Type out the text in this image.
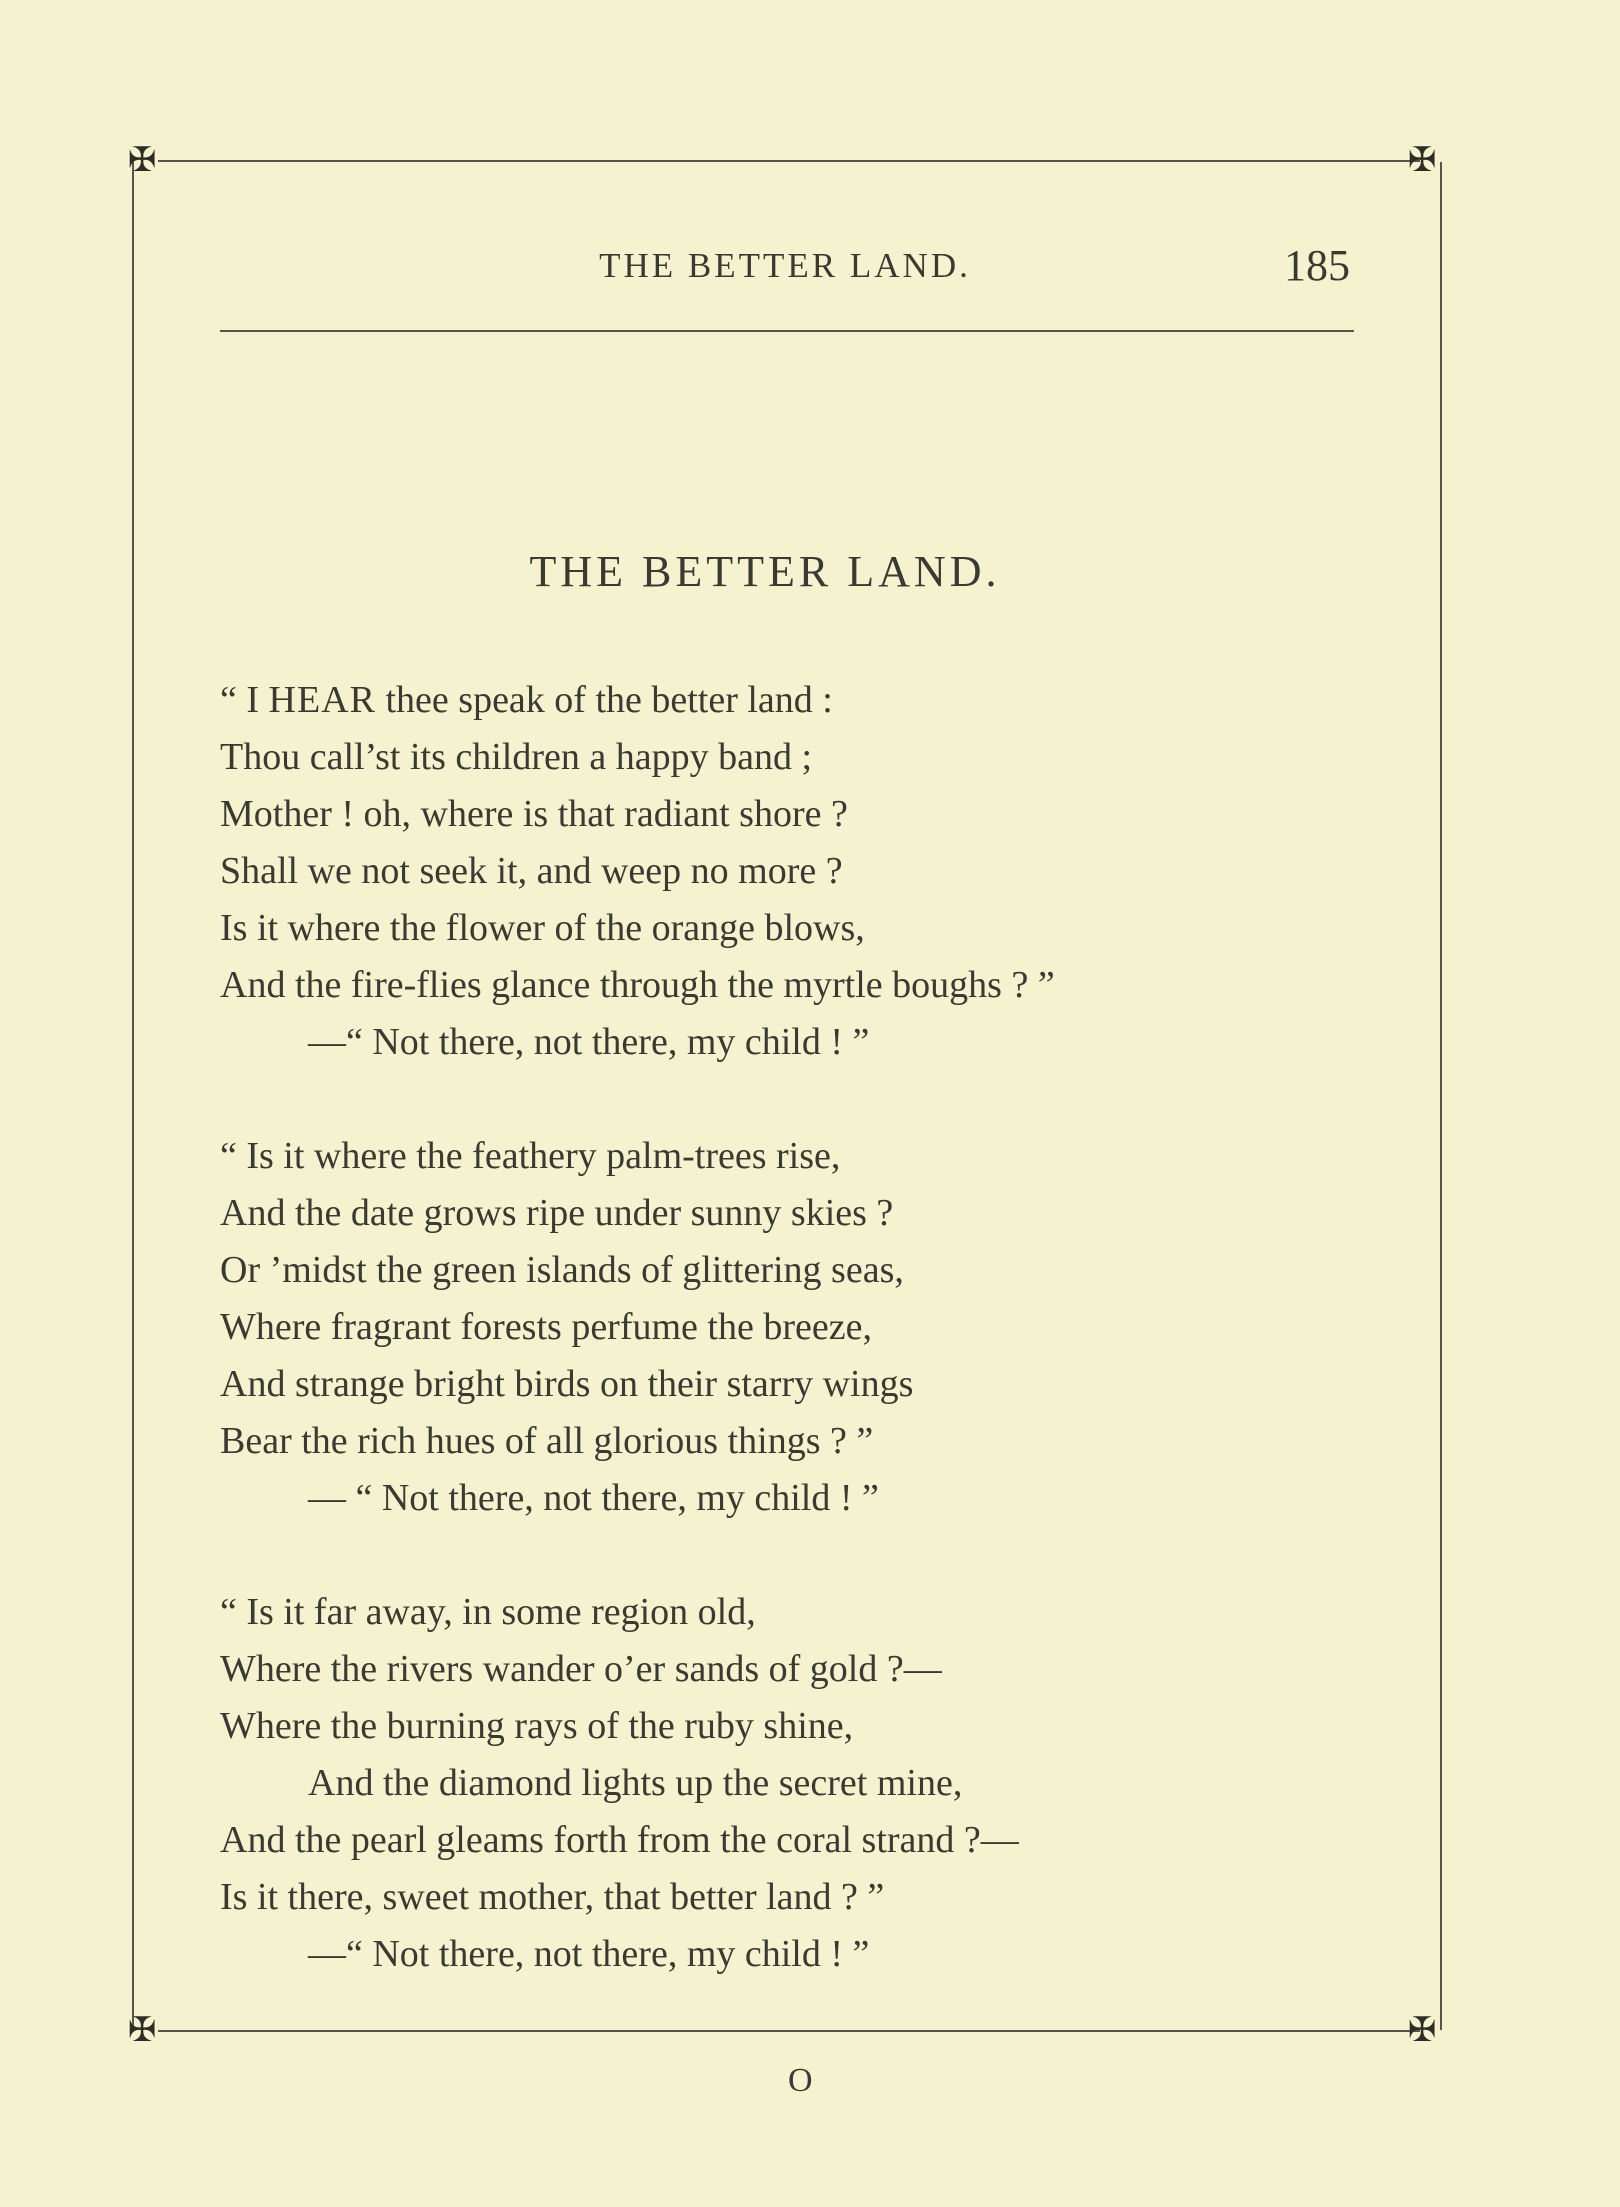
✠	✠
✠	✠
THE BETTER LAND.	185
THE BETTER LAND.
“ I HEAR thee speak of the better land :
Thou call’st its children a happy band ;
Mother ! oh, where is that radiant shore ?
Shall we not seek it, and weep no more ?
Is it where the flower of the orange blows,
And the fire-flies glance through the myrtle boughs ? ”
—“ Not there, not there, my child ! ”
“ Is it where the feathery palm-trees rise,
And the date grows ripe under sunny skies ?
Or ’midst the green islands of glittering seas,
Where fragrant forests perfume the breeze,
And strange bright birds on their starry wings
Bear the rich hues of all glorious things ? ”
— “ Not there, not there, my child ! ”
“ Is it far away, in some region old,
Where the rivers wander o’er sands of gold ?—
Where the burning rays of the ruby shine,
And the diamond lights up the secret mine,
And the pearl gleams forth from the coral strand ?—
Is it there, sweet mother, that better land ? ”
—“ Not there, not there, my child ! ”
O
